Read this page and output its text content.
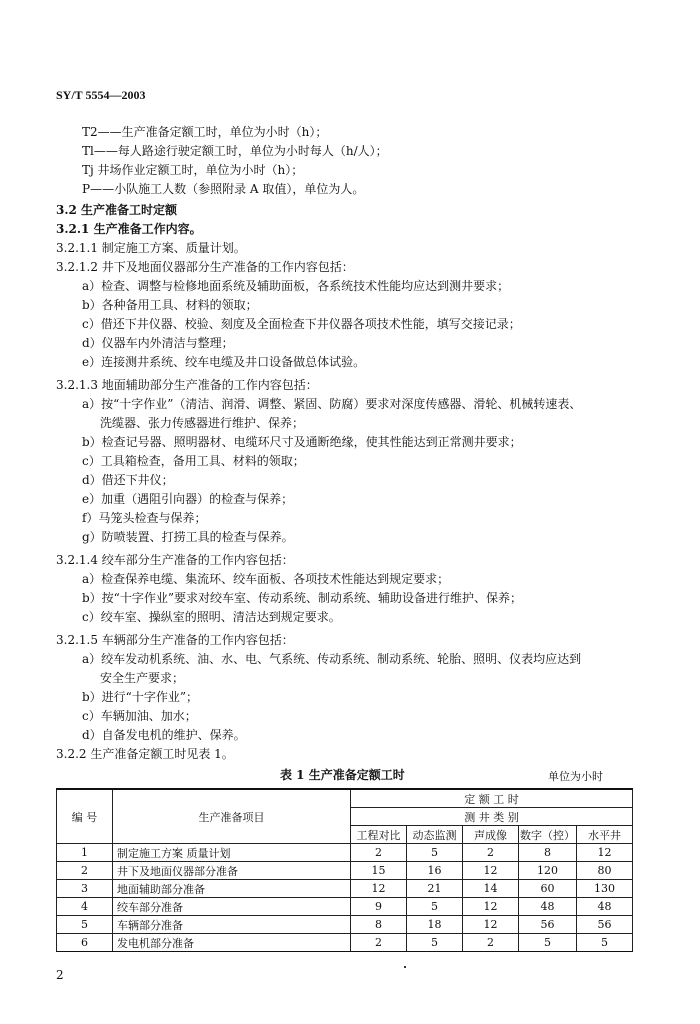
SY/T 5554—2003
T2——生产准备定额工时，单位为小时（h）；
Tl——每人路途行驶定额工时，单位为小时每人（h/人）；
Tj 井场作业定额工时，单位为小时（h）；
P——小队施工人数（参照附录 A 取值），单位为人。
3.2 生产准备工时定额
3.2.1 生产准备工作内容。
3.2.1.1 制定施工方案、质量计划。
3.2.1.2 井下及地面仪器部分生产准备的工作内容包括：
a）检查、调整与检修地面系统及辅助面板，各系统技术性能均应达到测井要求；
b）各种备用工具、材料的领取；
c）借还下井仪器、校验、刻度及全面检查下井仪器各项技术性能，填写交接记录；
d）仪器车内外清洁与整理；
e）连接测井系统、绞车电缆及井口设备做总体试验。
3.2.1.3 地面辅助部分生产准备的工作内容包括：
a）按“十字作业”（清洁、润滑、调整、紧固、防腐）要求对深度传感器、滑轮、机械转速表、
洗缆器、张力传感器进行维护、保养；
b）检查记号器、照明器材、电缆环尺寸及通断绝缘，使其性能达到正常测井要求；
c）工具箱检查，备用工具、材料的领取；
d）借还下井仪；
e）加重（遇阻引向器）的检查与保养；
f）马笼头检查与保养；
g）防喷装置、打捞工具的检查与保养。
3.2.1.4 绞车部分生产准备的工作内容包括：
a）检查保养电缆、集流环、绞车面板、各项技术性能达到规定要求；
b）按“十字作业”要求对绞车室、传动系统、制动系统、辅助设备进行维护、保养；
c）绞车室、操纵室的照明、清洁达到规定要求。
3.2.1.5 车辆部分生产准备的工作内容包括：
a）绞车发动机系统、油、水、电、气系统、传动系统、制动系统、轮胎、照明、仪表均应达到
安全生产要求；
b）进行“十字作业”；
c）车辆加油、加水；
d）自备发电机的维护、保养。
3.2.2 生产准备定额工时见表 1。
表 1 生产准备定额工时	单位为小时
编 号	生产准备项目	定 额 工 时				
		测 井 类 别				
		工程对比	动态监测	声成像	数字（控）	水平井
1	制定施工方案 质量计划	2	5	2	8	12
2	井下及地面仪器部分准备	15	16	12	120	80
3	地面辅助部分准备	12	21	14	60	130
4	绞车部分准备	9	5	12	48	48
5	车辆部分准备	8	18	12	56	56
6	发电机部分准备	2	5	2	5	5
2
